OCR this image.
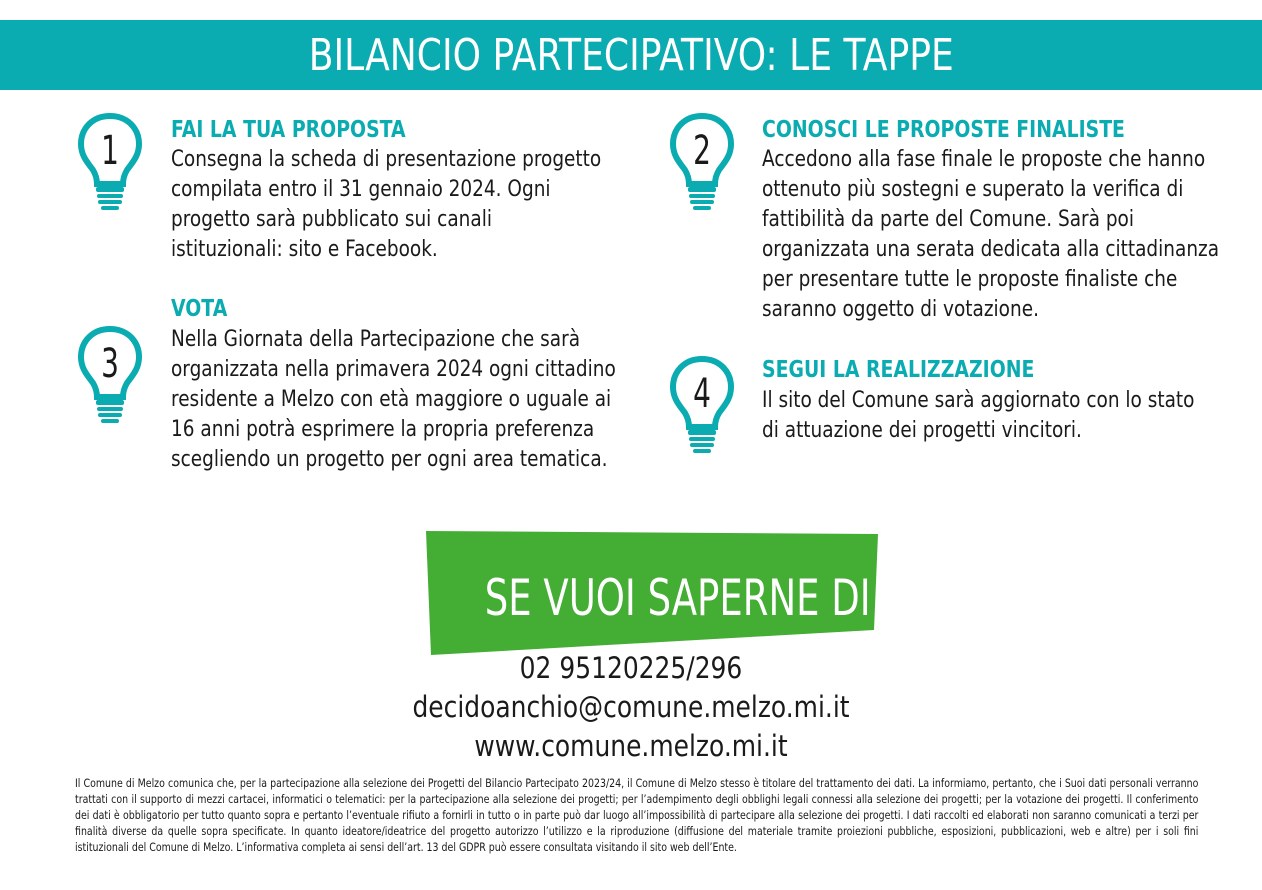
BILANCIO PARTECIPATIVO: LE TAPPE
1 FAI LA TUA PROPOSTA
Consegna la scheda di presentazione progetto compilata entro il 31 gennaio 2024. Ogni progetto sarà pubblicato sui canali istituzionali: sito e Facebook.
2 CONOSCI LE PROPOSTE FINALISTE
Accedono alla fase finale le proposte che hanno ottenuto più sostegni e superato la verifica di fattibilità da parte del Comune. Sarà poi organizzata una serata dedicata alla cittadinanza per presentare tutte le proposte finaliste che saranno oggetto di votazione.
3
VOTA
Nella Giornata della Partecipazione che sarà organizzata nella primavera 2024 ogni cittadino residente a Melzo con età maggiore o uguale ai 16 anni potrà esprimere la propria preferenza scegliendo un progetto per ogni area tematica.
4
SEGUI LA REALIZZAZIONE
Il sito del Comune sarà aggiornato con lo stato di attuazione dei progetti vincitori.
SE VUOI SAPERNE DI PIÙ
02 95120225/296
decidoanchio@comune.melzo.mi.it
www.comune.melzo.mi.it
Il Comune di Melzo comunica che, per la partecipazione alla selezione dei Progetti del Bilancio Partecipato 2023/24, il Comune di Melzo stesso è titolare del trattamento dei dati. La informiamo, pertanto, che i Suoi dati personali verranno trattati con il supporto di mezzi cartacei, informatici o telematici: per la partecipazione alla selezione dei progetti; per l’adempimento degli obblighi legali connessi alla selezione dei progetti; per la votazione dei progetti. Il conferimento dei dati è obbligatorio per tutto quanto sopra e pertanto l’eventuale rifiuto a fornirli in tutto o in parte può dar luogo all’impossibilità di partecipare alla selezione dei progetti. I dati raccolti ed elaborati non saranno comunicati a terzi per finalità diverse da quelle sopra specificate. In quanto ideatore/ideatrice del progetto autorizzo l’utilizzo e la riproduzione (diffusione del materiale tramite proiezioni pubbliche, esposizioni, pubblicazioni, web e altre) per i soli fini istituzionali del Comune di Melzo. L’informativa completa ai sensi dell’art. 13 del GDPR può essere consultata visitando il sito web dell’Ente.
